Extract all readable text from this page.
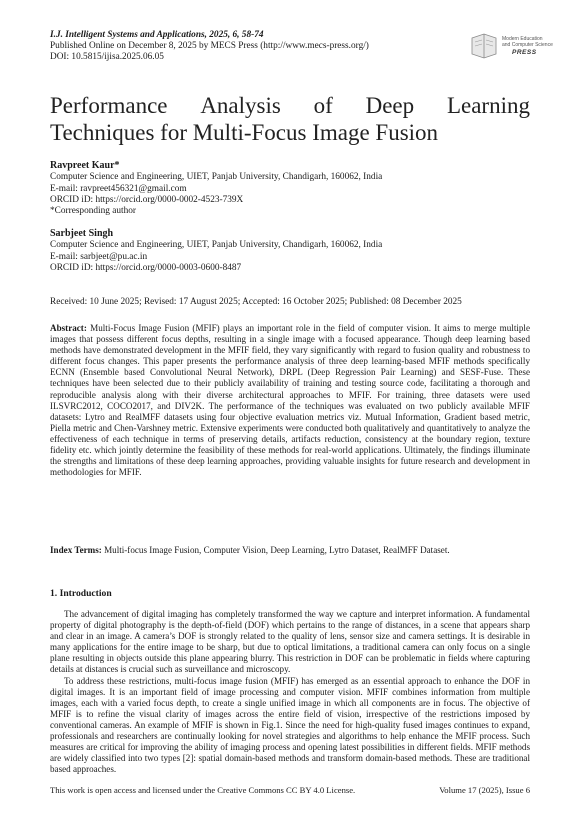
I.J. Intelligent Systems and Applications, 2025, 6, 58-74
Published Online on December 8, 2025 by MECS Press (http://www.mecs-press.org/)
DOI: 10.5815/ijisa.2025.06.05
Modern Education
and Computer Science
PRESS
Performance Analysis of Deep Learning
Techniques for Multi-Focus Image Fusion
Ravpreet Kaur*
Computer Science and Engineering, UIET, Panjab University, Chandigarh, 160062, India
E-mail: ravpreet456321@gmail.com
ORCID iD: https://orcid.org/0000-0002-4523-739X
*Corresponding author
Sarbjeet Singh
Computer Science and Engineering, UIET, Panjab University, Chandigarh, 160062, India
E-mail: sarbjeet@pu.ac.in
ORCID iD: https://orcid.org/0000-0003-0600-8487
Received: 10 June 2025; Revised: 17 August 2025; Accepted: 16 October 2025; Published: 08 December 2025
Abstract: Multi-Focus Image Fusion (MFIF) plays an important role in the field of computer vision. It aims to merge multiple images that possess different focus depths, resulting in a single image with a focused appearance. Though deep learning based methods have demonstrated development in the MFIF field, they vary significantly with regard to fusion quality and robustness to different focus changes. This paper presents the performance analysis of three deep learning-based MFIF methods specifically ECNN (Ensemble based Convolutional Neural Network), DRPL (Deep Regression Pair Learning) and SESF-Fuse. These techniques have been selected due to their publicly availability of training and testing source code, facilitating a thorough and reproducible analysis along with their diverse architectural approaches to MFIF. For training, three datasets were used ILSVRC2012, COCO2017, and DIV2K. The performance of the techniques was evaluated on two publicly available MFIF datasets: Lytro and RealMFF datasets using four objective evaluation metrics viz. Mutual Information, Gradient based metric, Piella metric and Chen-Varshney metric. Extensive experiments were conducted both qualitatively and quantitatively to analyze the effectiveness of each technique in terms of preserving details, artifacts reduction, consistency at the boundary region, texture fidelity etc. which jointly determine the feasibility of these methods for real-world applications. Ultimately, the findings illuminate the strengths and limitations of these deep learning approaches, providing valuable insights for future research and development in methodologies for MFIF.
Index Terms: Multi-focus Image Fusion, Computer Vision, Deep Learning, Lytro Dataset, RealMFF Dataset.
1. Introduction

The advancement of digital imaging has completely transformed the way we capture and interpret information. A fundamental property of digital photography is the depth-of-field (DOF) which pertains to the range of distances, in a scene that appears sharp and clear in an image. A camera’s DOF is strongly related to the quality of lens, sensor size and camera settings. It is desirable in many applications for the entire image to be sharp, but due to optical limitations, a traditional camera can only focus on a single plane resulting in objects outside this plane appearing blurry. This restriction in DOF can be problematic in fields where capturing details at distances is crucial such as surveillance and microscopy.

To address these restrictions, multi-focus image fusion (MFIF) has emerged as an essential approach to enhance the DOF in digital images. It is an important field of image processing and computer vision. MFIF combines information from multiple images, each with a varied focus depth, to create a single unified image in which all components are in focus. The objective of MFIF is to refine the visual clarity of images across the entire field of vision, irrespective of the restrictions imposed by conventional cameras. An example of MFIF is shown in Fig.1. Since the need for high-quality fused images continues to expand, professionals and researchers are continually looking for novel strategies and algorithms to help enhance the MFIF process. Such measures are critical for improving the ability of imaging process and opening latest possibilities in different fields. MFIF methods are widely classified into two types [2]: spatial domain-based methods and transform domain-based methods. These are traditional based approaches.

This work is open access and licensed under the Creative Commons CC BY 4.0 License.	Volume 17 (2025), Issue 6
